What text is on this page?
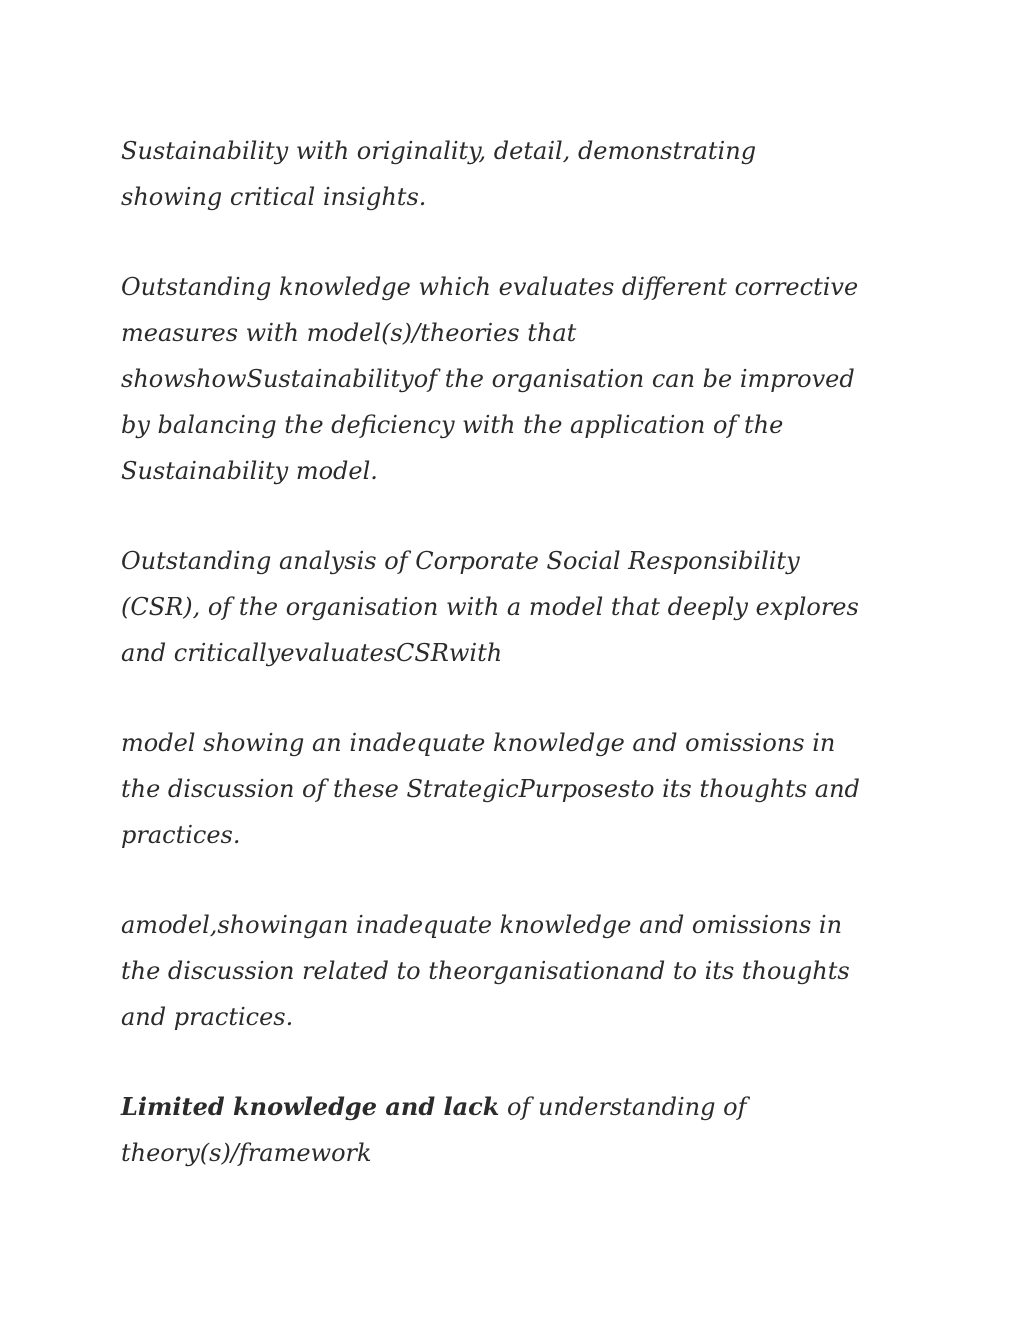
Sustainability with originality, detail, demonstrating
showing critical insights.

Outstanding knowledge which evaluates different corrective
measures with model(s)/theories that
showshowSustainabilityof the organisation can be improved
by balancing the deficiency with the application of the
Sustainability model.

Outstanding analysis of Corporate Social Responsibility
(CSR), of the organisation with a model that deeply explores
and criticallyevaluatesCSRwith

model showing an inadequate knowledge and omissions in
the discussion of these StrategicPurposesto its thoughts and
practices.

amodel,showingan inadequate knowledge and omissions in
the discussion related to theorganisationand to its thoughts
and practices.

Limited knowledge and lack of understanding of
theory(s)/framework
